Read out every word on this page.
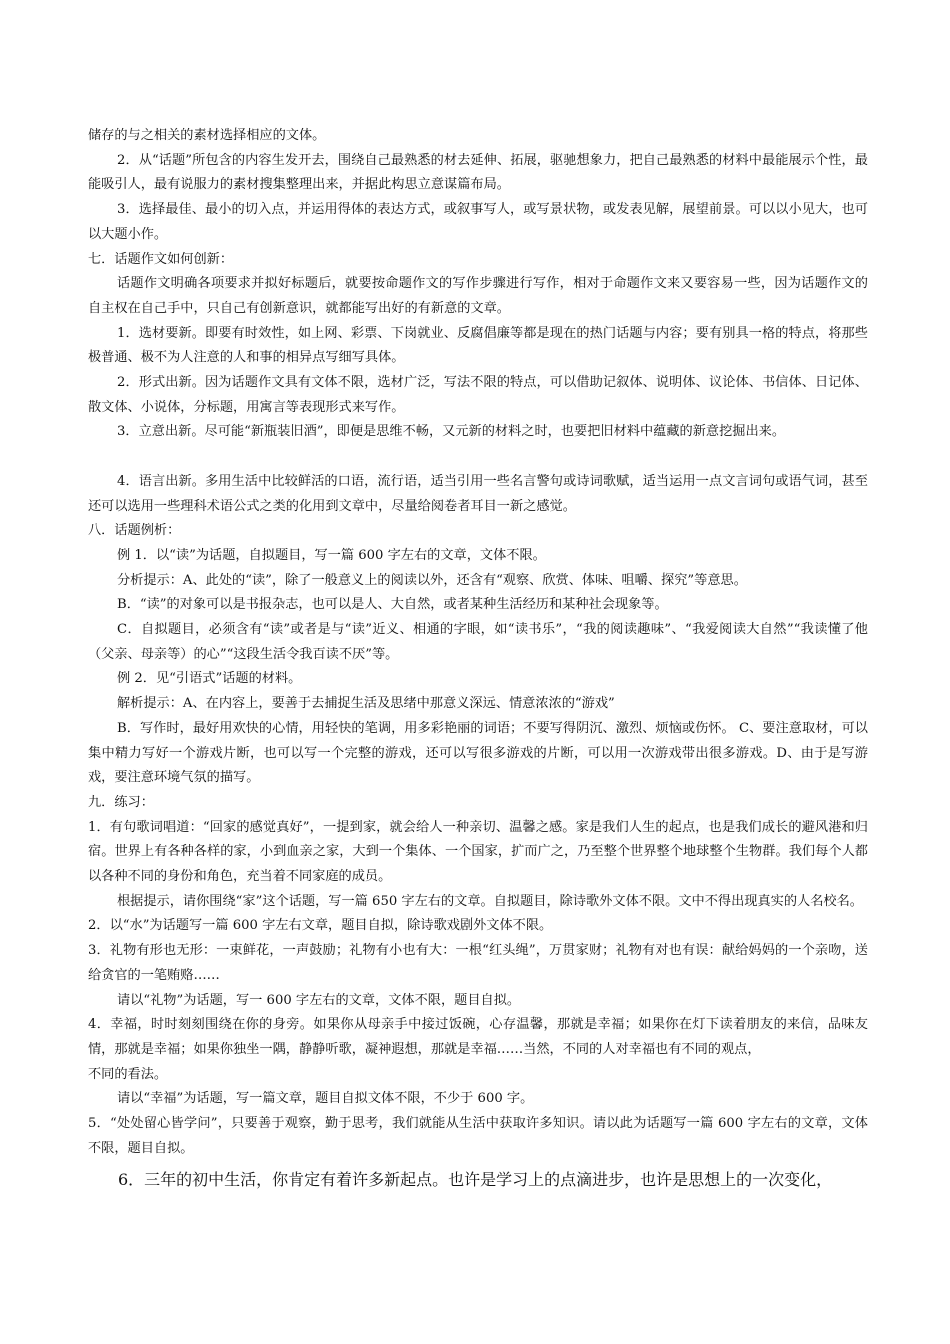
储存的与之相关的素材选择相应的文体。

2．从“话题”所包含的内容生发开去，围绕自己最熟悉的材去延伸、拓展，驱驰想象力，把自己最熟悉的材料中最能展示个性，最能吸引人，最有说服力的素材搜集整理出来，并据此构思立意谋篇布局。

3．选择最佳、最小的切入点，并运用得体的表达方式，或叙事写人，或写景状物，或发表见解，展望前景。可以以小见大，也可以大题小作。

七．话题作文如何创新：

话题作文明确各项要求并拟好标题后，就要按命题作文的写作步骤进行写作，相对于命题作文来又要容易一些，因为话题作文的自主权在自己手中，只自己有创新意识，就都能写出好的有新意的文章。

1．选材要新。即要有时效性，如上网、彩票、下岗就业、反腐倡廉等都是现在的热门话题与内容；要有别具一格的特点，将那些极普通、极不为人注意的人和事的相异点写细写具体。

2．形式出新。因为话题作文具有文体不限，选材广泛，写法不限的特点，可以借助记叙体、说明体、议论体、书信体、日记体、散文体、小说体，分标题，用寓言等表现形式来写作。

3．立意出新。尽可能“新瓶装旧酒”，即便是思维不畅，又元新的材料之时，也要把旧材料中蕴藏的新意挖掘出来。

4．语言出新。多用生活中比较鲜活的口语，流行语，适当引用一些名言警句或诗词歌赋，适当运用一点文言词句或语气词，甚至还可以选用一些理科术语公式之类的化用到文章中，尽量给阅卷者耳目一新之感觉。

八．话题例析：

例 1．以“读”为话题，自拟题目，写一篇 600 字左右的文章，文体不限。

分析提示：A、此处的“读”，除了一般意义上的阅读以外，还含有“观察、欣赏、体味、咀嚼、探究”等意思。

B．“读”的对象可以是书报杂志，也可以是人、大自然，或者某种生活经历和某种社会现象等。

C．自拟题目，必须含有“读”或者是与“读”近义、相通的字眼，如“读书乐”，“我的阅读趣味”、“我爱阅读大自然”“我读懂了他（父亲、母亲等）的心”“这段生活令我百读不厌”等。

例 2．见“引语式”话题的材料。

解析提示：A、在内容上，要善于去捕捉生活及思绪中那意义深远、情意浓浓的“游戏”

B．写作时，最好用欢快的心情，用轻快的笔调，用多彩艳丽的词语；不要写得阴沉、激烈、烦恼或伤怀。 C、要注意取材，可以集中精力写好一个游戏片断，也可以写一个完整的游戏，还可以写很多游戏的片断，可以用一次游戏带出很多游戏。D、由于是写游戏，要注意环境气氛的描写。

九．练习：

1．有句歌词唱道：“回家的感觉真好”，一提到家，就会给人一种亲切、温馨之感。家是我们人生的起点，也是我们成长的避风港和归宿。世界上有各种各样的家，小到血亲之家，大到一个集体、一个国家，扩而广之，乃至整个世界整个地球整个生物群。我们每个人都以各种不同的身份和角色，充当着不同家庭的成员。

根据提示，请你围绕“家”这个话题，写一篇 650 字左右的文章。自拟题目，除诗歌外文体不限。文中不得出现真实的人名校名。

2．以“水”为话题写一篇 600 字左右文章，题目自拟，除诗歌戏剧外文体不限。

3．礼物有形也无形：一束鲜花，一声鼓励；礼物有小也有大：一根“红头绳”，万贯家财；礼物有对也有误：献给妈妈的一个亲吻，送给贪官的一笔贿赂……

请以“礼物”为话题，写一 600 字左右的文章，文体不限，题目自拟。

4．幸福，时时刻刻围绕在你的身旁。如果你从母亲手中接过饭碗，心存温馨，那就是幸福；如果你在灯下读着朋友的来信，品味友情，那就是幸福；如果你独坐一隅，静静听歌，凝神遐想，那就是幸福……当然，不同的人对幸福也有不同的观点，

不同的看法。

请以“幸福”为话题，写一篇文章，题目自拟文体不限，不少于 600 字。

5．“处处留心皆学问”，只要善于观察，勤于思考，我们就能从生活中获取许多知识。请以此为话题写一篇 600 字左右的文章，文体不限，题目自拟。

6．三年的初中生活，你肯定有着许多新起点。也许是学习上的点滴进步，也许是思想上的一次变化，
